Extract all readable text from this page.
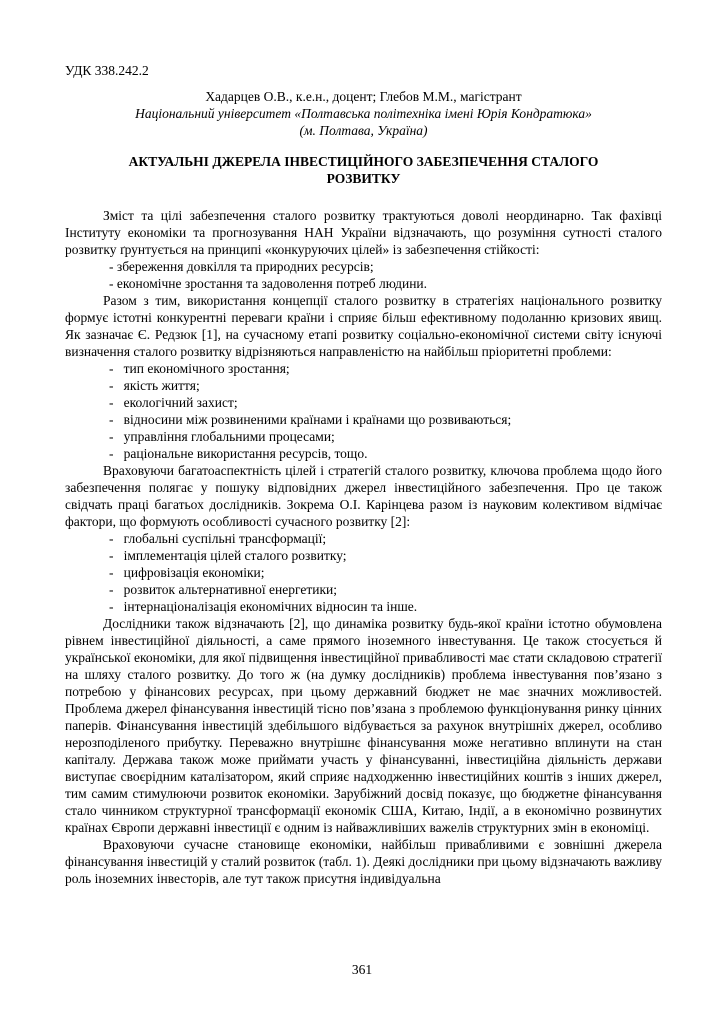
УДК 338.242.2
Хадарцев О.В., к.е.н., доцент; Глебов М.М., магістрант
Національний університет «Полтавська політехніка імені Юрія Кондратюка»
(м. Полтава, Україна)
АКТУАЛЬНІ ДЖЕРЕЛА ІНВЕСТИЦІЙНОГО ЗАБЕЗПЕЧЕННЯ СТАЛОГО РОЗВИТКУ

Зміст та цілі забезпечення сталого розвитку трактуються доволі неординарно. Так фахівці Інституту економіки та прогнозування НАН України відзначають, що розуміння сутності сталого розвитку ґрунтується на принципі «конкуруючих цілей» із забезпечення стійкості:

- збереження довкілля та природних ресурсів;
- економічне зростання та задоволення потреб людини.

Разом з тим, використання концепції сталого розвитку в стратегіях національного розвитку формує істотні конкурентні переваги країни і сприяє більш ефективному подоланню кризових явищ. Як зазначає Є. Редзюк [1], на сучасному етапі розвитку соціально-економічної системи світу існуючі визначення сталого розвитку відрізняються направленістю на найбільш пріоритетні проблеми:

-   тип економічного зростання;
-   якість життя;
-   екологічний захист;
-   відносини між розвиненими країнами і країнами що розвиваються;
-   управління глобальними процесами;
-   раціональне використання ресурсів, тощо.

Враховуючи багатоаспектність цілей і стратегій сталого розвитку, ключова проблема щодо його забезпечення полягає у пошуку відповідних джерел інвестиційного забезпечення. Про це також свідчать праці багатьох дослідників. Зокрема О.І. Карінцева разом із науковим колективом відмічає фактори, що формують особливості сучасного розвитку [2]:

-   глобальні суспільні трансформації;
-   імплементація цілей сталого розвитку;
-   цифровізація економіки;
-   розвиток альтернативної енергетики;
-   інтернаціоналізація економічних відносин та інше.

Дослідники також відзначають [2], що динаміка розвитку будь-якої країни істотно обумовлена рівнем інвестиційної діяльності, а саме прямого іноземного інвестування. Це також стосується й української економіки, для якої підвищення інвестиційної привабливості має стати складовою стратегії на шляху сталого розвитку. До того ж (на думку дослідників) проблема інвестування пов’язано з потребою у фінансових ресурсах, при цьому державний бюджет не має значних можливостей. Проблема джерел фінансування інвестицій тісно пов’язана з проблемою функціонування ринку цінних паперів. Фінансування інвестицій здебільшого відбувається за рахунок внутрішніх джерел, особливо нерозподіленого прибутку. Переважно внутрішнє фінансування може негативно вплинути на стан капіталу. Держава також може приймати участь у фінансуванні, інвестиційна діяльність держави виступає своєрідним каталізатором, який сприяє надходженню інвестиційних коштів з інших джерел, тим самим стимулюючи розвиток економіки. Зарубіжний досвід показує, що бюджетне фінансування стало чинником структурної трансформації економік США, Китаю, Індії, а в економічно розвинутих країнах Європи державні інвестиції є одним із найважливіших важелів структурних змін в економіці.

Враховуючи сучасне становище економіки, найбільш привабливими є зовнішні джерела фінансування інвестицій у сталий розвиток (табл. 1). Деякі дослідники при цьому відзначають важливу роль іноземних інвесторів, але тут також присутня індивідуальна

361
